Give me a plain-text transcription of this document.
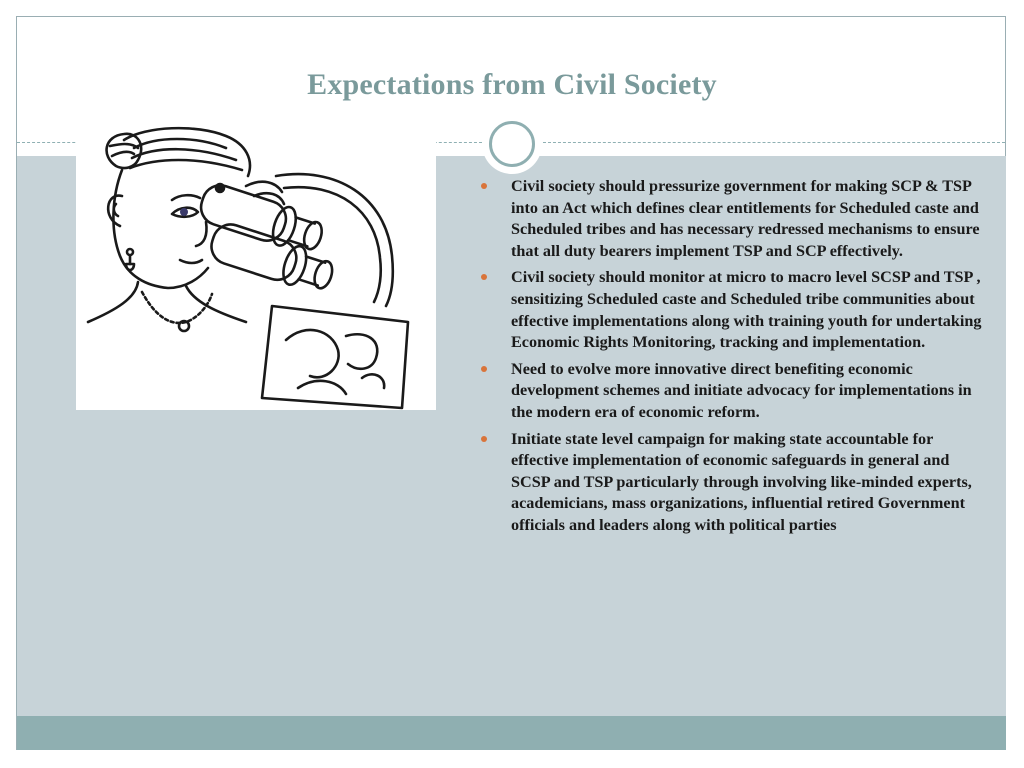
Expectations from Civil Society
Civil society should pressurize government for making SCP & TSP into an Act which defines clear entitlements for Scheduled caste and Scheduled tribes and has necessary redressed mechanisms to ensure that all duty bearers implement TSP and SCP effectively.
Civil society should monitor at micro to macro level SCSP and TSP , sensitizing Scheduled caste and Scheduled tribe communities about effective implementations along with training youth for undertaking Economic Rights Monitoring, tracking and implementation.
Need to evolve more innovative direct benefiting economic development schemes and initiate advocacy for implementations in the modern era of economic reform.
Initiate state level campaign for making state accountable for effective implementation of economic safeguards in general and SCSP and TSP particularly through involving like-minded experts, academicians, mass organizations, influential retired Government officials and leaders along with political parties
